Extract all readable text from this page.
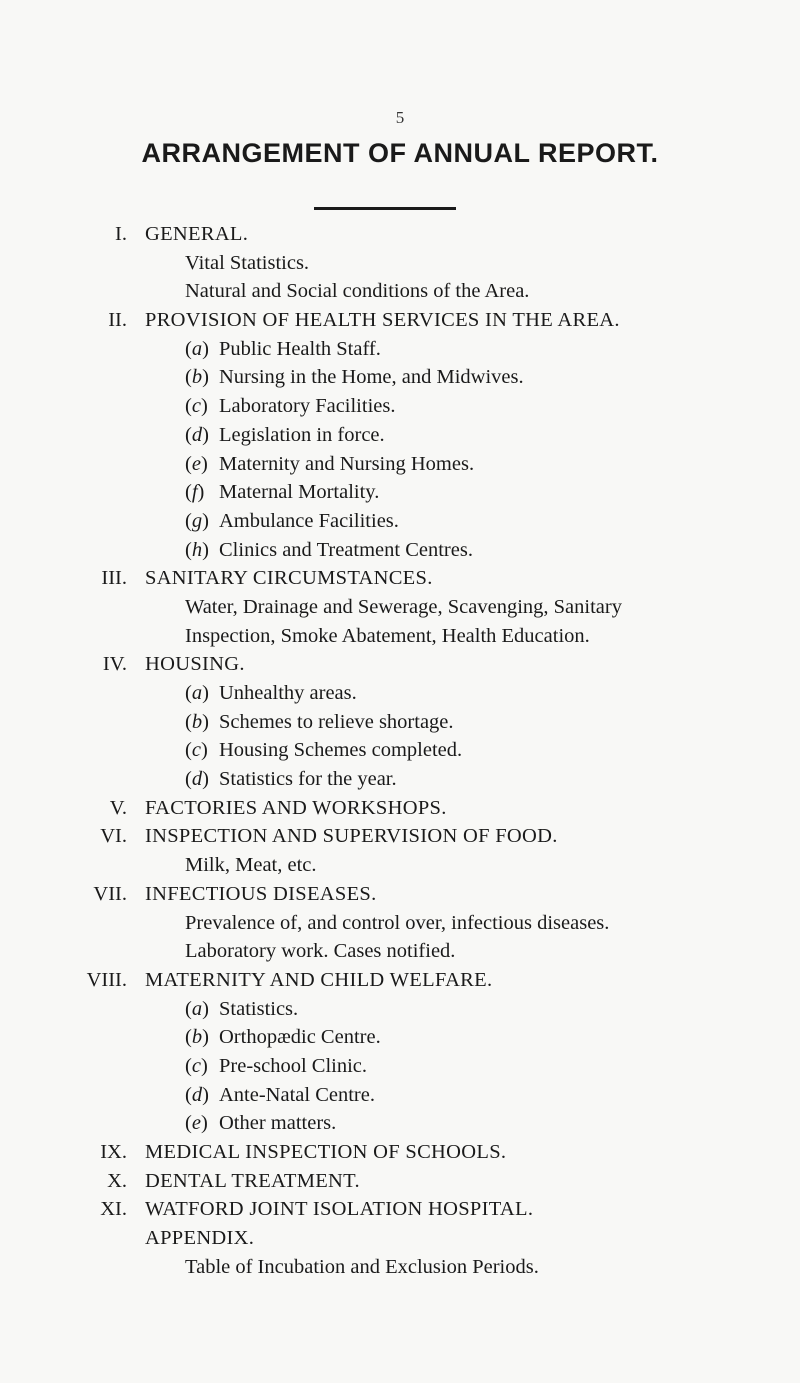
5
ARRANGEMENT OF ANNUAL REPORT.
I. GENERAL.
Vital Statistics.
Natural and Social conditions of the Area.
II. PROVISION OF HEALTH SERVICES IN THE AREA.
(a) Public Health Staff.
(b) Nursing in the Home, and Midwives.
(c) Laboratory Facilities.
(d) Legislation in force.
(e) Maternity and Nursing Homes.
(f) Maternal Mortality.
(g) Ambulance Facilities.
(h) Clinics and Treatment Centres.
III. SANITARY CIRCUMSTANCES.
Water, Drainage and Sewerage, Scavenging, Sanitary
Inspection, Smoke Abatement, Health Education.
IV. HOUSING.
(a) Unhealthy areas.
(b) Schemes to relieve shortage.
(c) Housing Schemes completed.
(d) Statistics for the year.
V. FACTORIES AND WORKSHOPS.
VI. INSPECTION AND SUPERVISION OF FOOD.
Milk, Meat, etc.
VII. INFECTIOUS DISEASES.
Prevalence of, and control over, infectious diseases.
Laboratory work. Cases notified.
VIII. MATERNITY AND CHILD WELFARE.
(a) Statistics.
(b) Orthopædic Centre.
(c) Pre-school Clinic.
(d) Ante-Natal Centre.
(e) Other matters.
IX. MEDICAL INSPECTION OF SCHOOLS.
X. DENTAL TREATMENT.
XI. WATFORD JOINT ISOLATION HOSPITAL.
APPENDIX.
Table of Incubation and Exclusion Periods.
